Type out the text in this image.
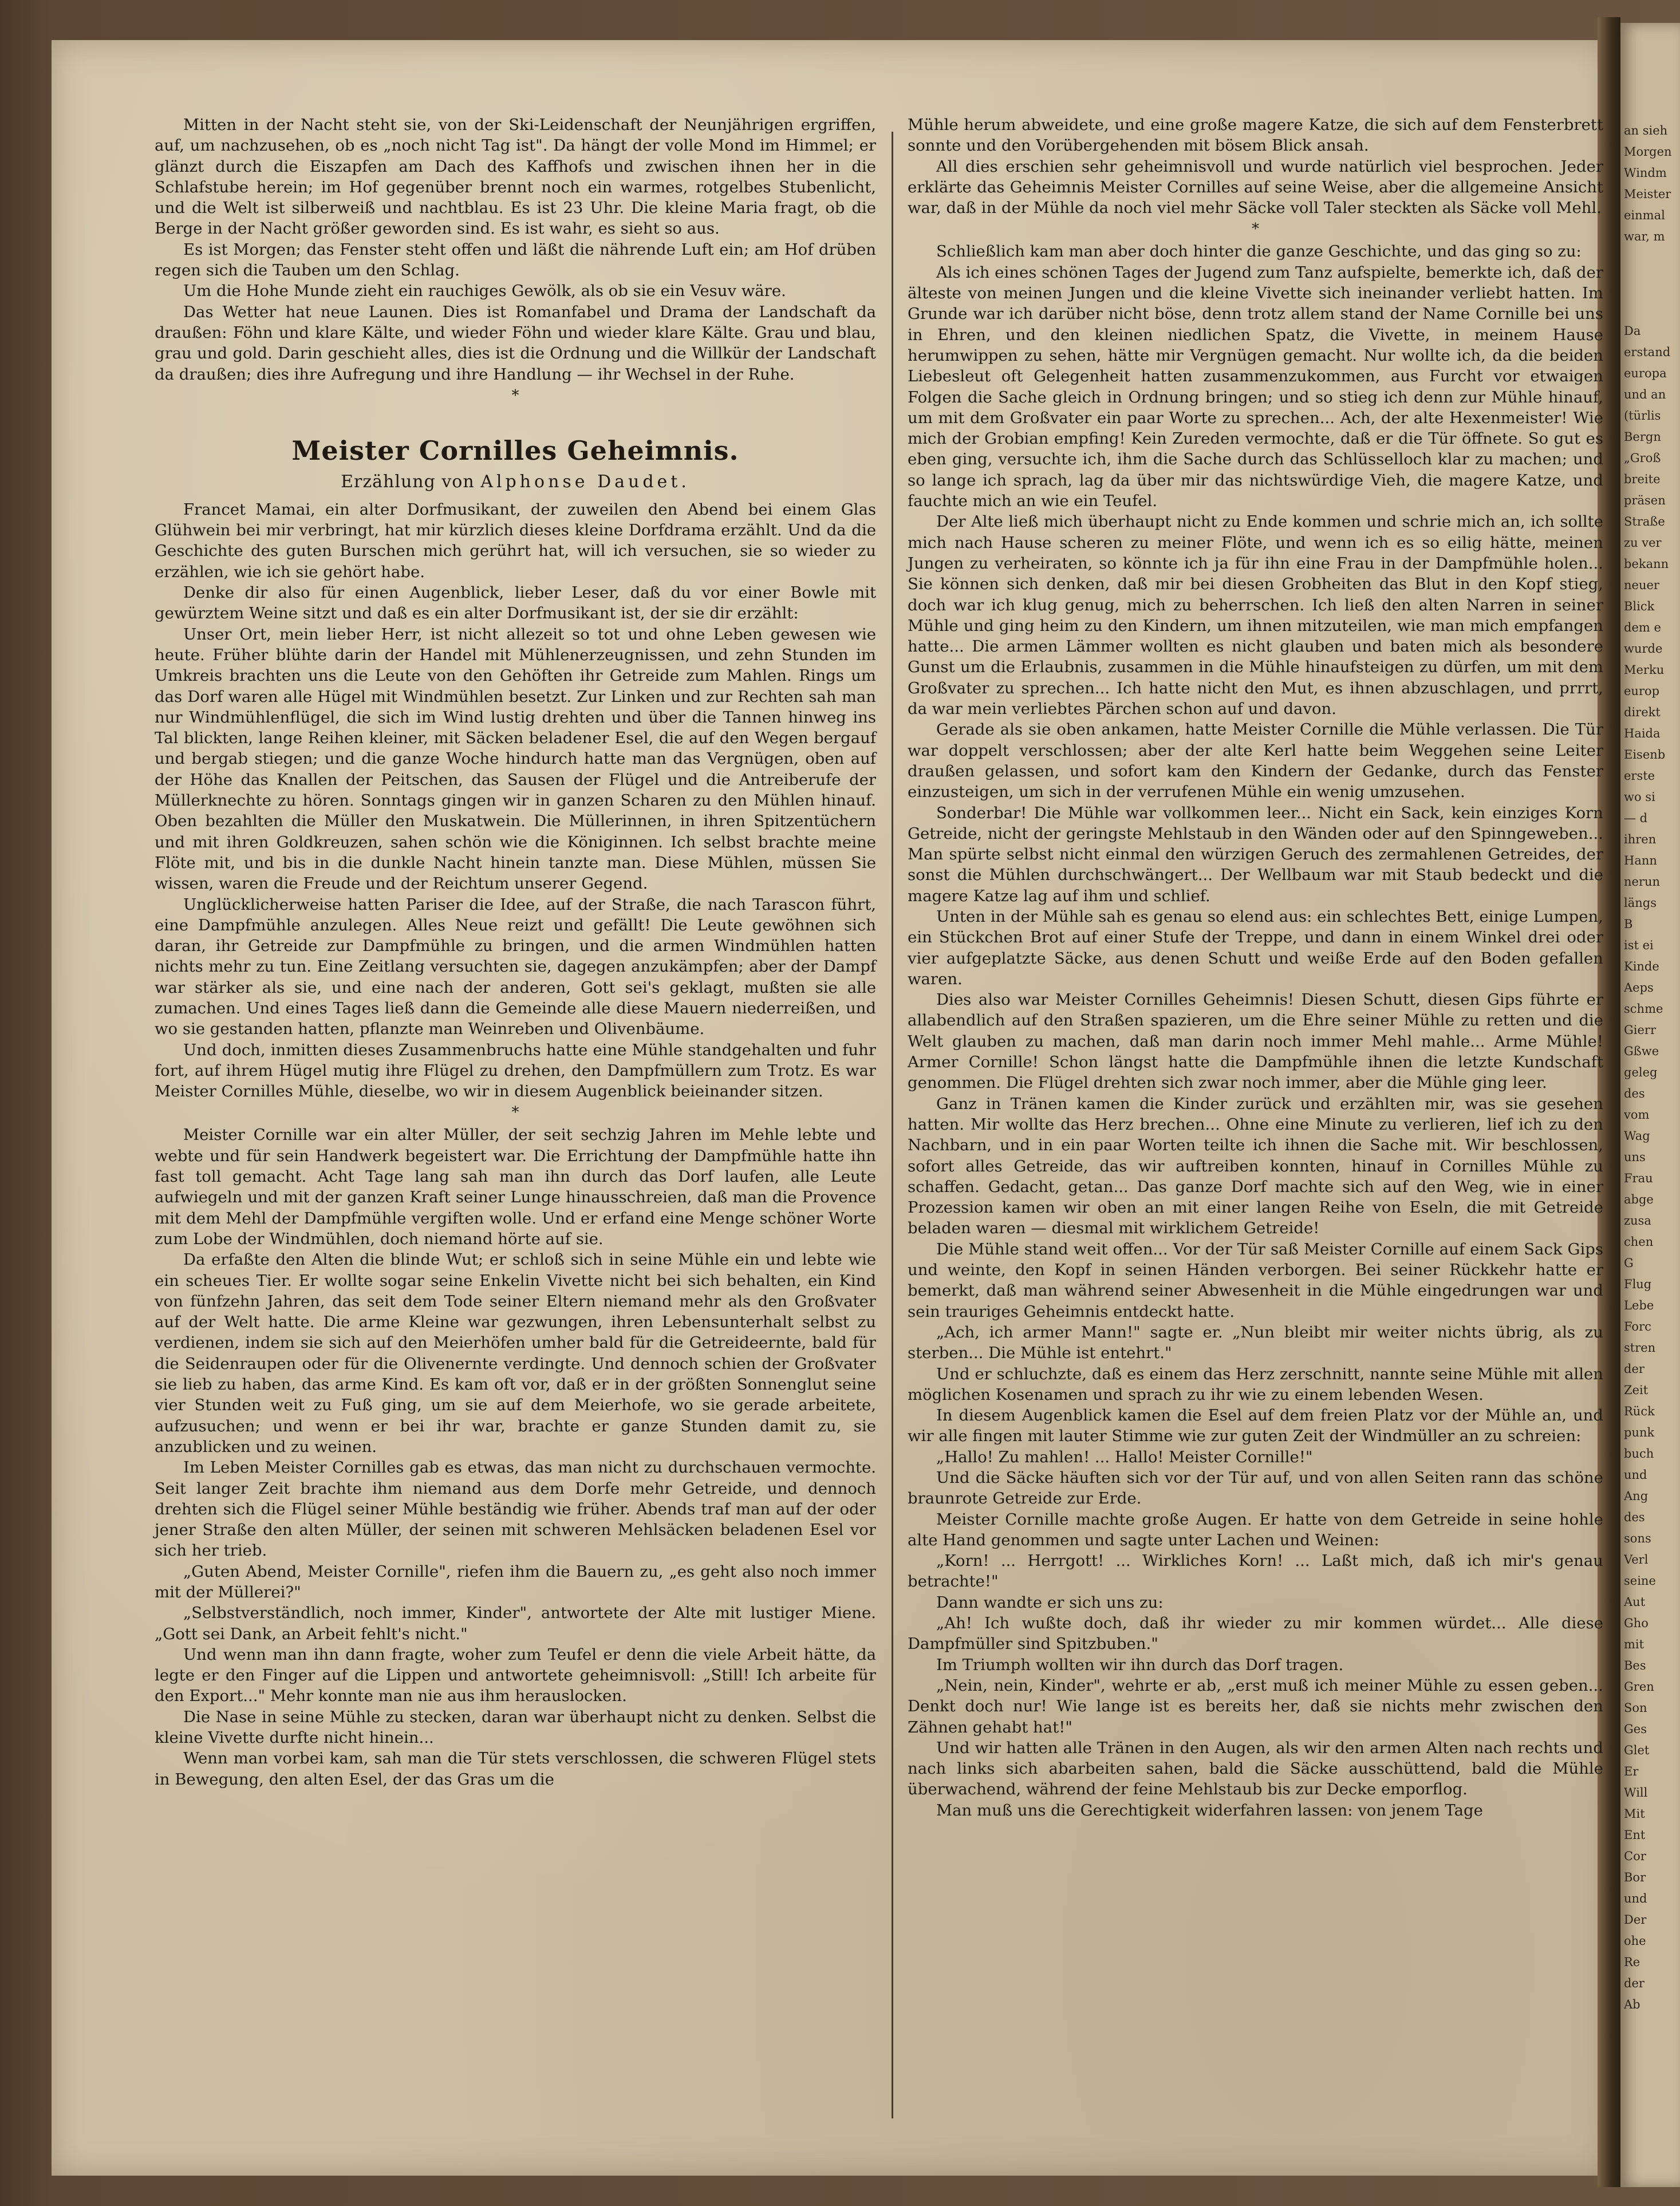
an sieh
Morgen
Windm
Meister
einmal
war, m
Da
erstand
europa
und an
(türlis
Bergn
„Groß
breite
präsen
Straße
zu ver
bekann
neuer
Blick
dem e
wurde
Merku
europ
direkt
Haida
Eisenb
erste
wo si
— d
ihren
Hann
nerun
längs
B
ist ei
Kinde
Aeps
schme
Gierr
Gßwe
geleg
des
vom
Wag
uns
Frau
abge
zusa
chen
G
Flug
Lebe
Forc
stren
der
Zeit
Rück
punk
buch
und
Ang
des
sons
Verl
seine
Aut
Gho
mit
Bes
Gren
Son
Ges
Glet
Er
Will
Mit
Ent
Cor
Bor
und
Der
ohe
Re
der
Ab

Mitten in der Nacht steht sie, von der Ski-Leidenschaft der Neunjährigen ergriffen, auf, um nachzusehen, ob es „noch nicht Tag ist". Da hängt der volle Mond im Himmel; er glänzt durch die Eiszapfen am Dach des Kaffhofs und zwischen ihnen her in die Schlafstube herein; im Hof gegenüber brennt noch ein warmes, rotgelbes Stubenlicht, und die Welt ist silberweiß und nachtblau. Es ist 23 Uhr. Die kleine Maria fragt, ob die Berge in der Nacht größer geworden sind. Es ist wahr, es sieht so aus.

Es ist Morgen; das Fenster steht offen und läßt die nährende Luft ein; am Hof drüben regen sich die Tauben um den Schlag.

Um die Hohe Munde zieht ein rauchiges Gewölk, als ob sie ein Vesuv wäre.

Das Wetter hat neue Launen. Dies ist Romanfabel und Drama der Landschaft da draußen: Föhn und klare Kälte, und wieder Föhn und wieder klare Kälte. Grau und blau, grau und gold. Darin geschieht alles, dies ist die Ordnung und die Willkür der Landschaft da draußen; dies ihre Aufregung und ihre Handlung — ihr Wechsel in der Ruhe.

*
Meister Cornilles Geheimnis.
Erzählung von Alphonse Daudet.

Francet Mamai, ein alter Dorfmusikant, der zuweilen den Abend bei einem Glas Glühwein bei mir verbringt, hat mir kürzlich dieses kleine Dorfdrama erzählt. Und da die Geschichte des guten Burschen mich gerührt hat, will ich versuchen, sie so wieder zu erzählen, wie ich sie gehört habe.

Denke dir also für einen Augenblick, lieber Leser, daß du vor einer Bowle mit gewürztem Weine sitzt und daß es ein alter Dorfmusikant ist, der sie dir erzählt:

Unser Ort, mein lieber Herr, ist nicht allezeit so tot und ohne Leben gewesen wie heute. Früher blühte darin der Handel mit Mühlenerzeugnissen, und zehn Stunden im Umkreis brachten uns die Leute von den Gehöften ihr Getreide zum Mahlen. Rings um das Dorf waren alle Hügel mit Windmühlen besetzt. Zur Linken und zur Rechten sah man nur Windmühlenflügel, die sich im Wind lustig drehten und über die Tannen hinweg ins Tal blickten, lange Reihen kleiner, mit Säcken beladener Esel, die auf den Wegen bergauf und bergab stiegen; und die ganze Woche hindurch hatte man das Vergnügen, oben auf der Höhe das Knallen der Peitschen, das Sausen der Flügel und die Antreiberufe der Müllerknechte zu hören. Sonntags gingen wir in ganzen Scharen zu den Mühlen hinauf. Oben bezahlten die Müller den Muskatwein. Die Müllerinnen, in ihren Spitzentüchern und mit ihren Goldkreuzen, sahen schön wie die Königinnen. Ich selbst brachte meine Flöte mit, und bis in die dunkle Nacht hinein tanzte man. Diese Mühlen, müssen Sie wissen, waren die Freude und der Reichtum unserer Gegend.

Unglücklicherweise hatten Pariser die Idee, auf der Straße, die nach Tarascon führt, eine Dampfmühle anzulegen. Alles Neue reizt und gefällt! Die Leute gewöhnen sich daran, ihr Getreide zur Dampfmühle zu bringen, und die armen Windmühlen hatten nichts mehr zu tun. Eine Zeitlang versuchten sie, dagegen anzukämpfen; aber der Dampf war stärker als sie, und eine nach der anderen, Gott sei's geklagt, mußten sie alle zumachen. Und eines Tages ließ dann die Gemeinde alle diese Mauern niederreißen, und wo sie gestanden hatten, pflanzte man Weinreben und Olivenbäume.

Und doch, inmitten dieses Zusammenbruchs hatte eine Mühle standgehalten und fuhr fort, auf ihrem Hügel mutig ihre Flügel zu drehen, den Dampfmüllern zum Trotz. Es war Meister Cornilles Mühle, dieselbe, wo wir in diesem Augenblick beieinander sitzen.

*

Meister Cornille war ein alter Müller, der seit sechzig Jahren im Mehle lebte und webte und für sein Handwerk begeistert war. Die Errichtung der Dampfmühle hatte ihn fast toll gemacht. Acht Tage lang sah man ihn durch das Dorf laufen, alle Leute aufwiegeln und mit der ganzen Kraft seiner Lunge hinausschreien, daß man die Provence mit dem Mehl der Dampfmühle vergiften wolle. Und er erfand eine Menge schöner Worte zum Lobe der Windmühlen, doch niemand hörte auf sie.

Da erfaßte den Alten die blinde Wut; er schloß sich in seine Mühle ein und lebte wie ein scheues Tier. Er wollte sogar seine Enkelin Vivette nicht bei sich behalten, ein Kind von fünfzehn Jahren, das seit dem Tode seiner Eltern niemand mehr als den Großvater auf der Welt hatte. Die arme Kleine war gezwungen, ihren Lebensunterhalt selbst zu verdienen, indem sie sich auf den Meierhöfen umher bald für die Getreideernte, bald für die Seidenraupen oder für die Olivenernte verdingte. Und dennoch schien der Großvater sie lieb zu haben, das arme Kind. Es kam oft vor, daß er in der größten Sonnenglut seine vier Stunden weit zu Fuß ging, um sie auf dem Meierhofe, wo sie gerade arbeitete, aufzusuchen; und wenn er bei ihr war, brachte er ganze Stunden damit zu, sie anzublicken und zu weinen.

Im Leben Meister Cornilles gab es etwas, das man nicht zu durchschauen vermochte. Seit langer Zeit brachte ihm niemand aus dem Dorfe mehr Getreide, und dennoch drehten sich die Flügel seiner Mühle beständig wie früher. Abends traf man auf der oder jener Straße den alten Müller, der seinen mit schweren Mehlsäcken beladenen Esel vor sich her trieb.

„Guten Abend, Meister Cornille", riefen ihm die Bauern zu, „es geht also noch immer mit der Müllerei?"

„Selbstverständlich, noch immer, Kinder", antwortete der Alte mit lustiger Miene. „Gott sei Dank, an Arbeit fehlt's nicht."

Und wenn man ihn dann fragte, woher zum Teufel er denn die viele Arbeit hätte, da legte er den Finger auf die Lippen und antwortete geheimnisvoll: „Still! Ich arbeite für den Export..." Mehr konnte man nie aus ihm herauslocken.

Die Nase in seine Mühle zu stecken, daran war überhaupt nicht zu denken. Selbst die kleine Vivette durfte nicht hinein...

Wenn man vorbei kam, sah man die Tür stets verschlossen, die schweren Flügel stets in Bewegung, den alten Esel, der das Gras um die

Mühle herum abweidete, und eine große magere Katze, die sich auf dem Fensterbrett sonnte und den Vorübergehenden mit bösem Blick ansah.

All dies erschien sehr geheimnisvoll und wurde natürlich viel besprochen. Jeder erklärte das Geheimnis Meister Cornilles auf seine Weise, aber die allgemeine Ansicht war, daß in der Mühle da noch viel mehr Säcke voll Taler steckten als Säcke voll Mehl.

*

Schließlich kam man aber doch hinter die ganze Geschichte, und das ging so zu:

Als ich eines schönen Tages der Jugend zum Tanz aufspielte, bemerkte ich, daß der älteste von meinen Jungen und die kleine Vivette sich ineinander verliebt hatten. Im Grunde war ich darüber nicht böse, denn trotz allem stand der Name Cornille bei uns in Ehren, und den kleinen niedlichen Spatz, die Vivette, in meinem Hause herumwippen zu sehen, hätte mir Vergnügen gemacht. Nur wollte ich, da die beiden Liebesleut oft Gelegenheit hatten zusammenzukommen, aus Furcht vor etwaigen Folgen die Sache gleich in Ordnung bringen; und so stieg ich denn zur Mühle hinauf, um mit dem Großvater ein paar Worte zu sprechen... Ach, der alte Hexenmeister! Wie mich der Grobian empfing! Kein Zureden vermochte, daß er die Tür öffnete. So gut es eben ging, versuchte ich, ihm die Sache durch das Schlüsselloch klar zu machen; und so lange ich sprach, lag da über mir das nichtswürdige Vieh, die magere Katze, und fauchte mich an wie ein Teufel.

Der Alte ließ mich überhaupt nicht zu Ende kommen und schrie mich an, ich sollte mich nach Hause scheren zu meiner Flöte, und wenn ich es so eilig hätte, meinen Jungen zu verheiraten, so könnte ich ja für ihn eine Frau in der Dampfmühle holen... Sie können sich denken, daß mir bei diesen Grobheiten das Blut in den Kopf stieg, doch war ich klug genug, mich zu beherrschen. Ich ließ den alten Narren in seiner Mühle und ging heim zu den Kindern, um ihnen mitzuteilen, wie man mich empfangen hatte... Die armen Lämmer wollten es nicht glauben und baten mich als besondere Gunst um die Erlaubnis, zusammen in die Mühle hinaufsteigen zu dürfen, um mit dem Großvater zu sprechen... Ich hatte nicht den Mut, es ihnen abzuschlagen, und prrrt, da war mein verliebtes Pärchen schon auf und davon.

Gerade als sie oben ankamen, hatte Meister Cornille die Mühle verlassen. Die Tür war doppelt verschlossen; aber der alte Kerl hatte beim Weggehen seine Leiter draußen gelassen, und sofort kam den Kindern der Gedanke, durch das Fenster einzusteigen, um sich in der verrufenen Mühle ein wenig umzusehen.

Sonderbar! Die Mühle war vollkommen leer... Nicht ein Sack, kein einziges Korn Getreide, nicht der geringste Mehlstaub in den Wänden oder auf den Spinngeweben... Man spürte selbst nicht einmal den würzigen Geruch des zermahlenen Getreides, der sonst die Mühlen durchschwängert... Der Wellbaum war mit Staub bedeckt und die magere Katze lag auf ihm und schlief.

Unten in der Mühle sah es genau so elend aus: ein schlechtes Bett, einige Lumpen, ein Stückchen Brot auf einer Stufe der Treppe, und dann in einem Winkel drei oder vier aufgeplatzte Säcke, aus denen Schutt und weiße Erde auf den Boden gefallen waren.

Dies also war Meister Cornilles Geheimnis! Diesen Schutt, diesen Gips führte er allabendlich auf den Straßen spazieren, um die Ehre seiner Mühle zu retten und die Welt glauben zu machen, daß man darin noch immer Mehl mahle... Arme Mühle! Armer Cornille! Schon längst hatte die Dampfmühle ihnen die letzte Kundschaft genommen. Die Flügel drehten sich zwar noch immer, aber die Mühle ging leer.

Ganz in Tränen kamen die Kinder zurück und erzählten mir, was sie gesehen hatten. Mir wollte das Herz brechen... Ohne eine Minute zu verlieren, lief ich zu den Nachbarn, und in ein paar Worten teilte ich ihnen die Sache mit. Wir beschlossen, sofort alles Getreide, das wir auftreiben konnten, hinauf in Cornilles Mühle zu schaffen. Gedacht, getan... Das ganze Dorf machte sich auf den Weg, wie in einer Prozession kamen wir oben an mit einer langen Reihe von Eseln, die mit Getreide beladen waren — diesmal mit wirklichem Getreide!

Die Mühle stand weit offen... Vor der Tür saß Meister Cornille auf einem Sack Gips und weinte, den Kopf in seinen Händen verborgen. Bei seiner Rückkehr hatte er bemerkt, daß man während seiner Abwesenheit in die Mühle eingedrungen war und sein trauriges Geheimnis entdeckt hatte.

„Ach, ich armer Mann!" sagte er. „Nun bleibt mir weiter nichts übrig, als zu sterben... Die Mühle ist entehrt."

Und er schluchzte, daß es einem das Herz zerschnitt, nannte seine Mühle mit allen möglichen Kosenamen und sprach zu ihr wie zu einem lebenden Wesen.

In diesem Augenblick kamen die Esel auf dem freien Platz vor der Mühle an, und wir alle fingen mit lauter Stimme wie zur guten Zeit der Windmüller an zu schreien:

„Hallo! Zu mahlen! ... Hallo! Meister Cornille!"

Und die Säcke häuften sich vor der Tür auf, und von allen Seiten rann das schöne braunrote Getreide zur Erde.

Meister Cornille machte große Augen. Er hatte von dem Getreide in seine hohle alte Hand genommen und sagte unter Lachen und Weinen:

„Korn! ... Herrgott! ... Wirkliches Korn! ... Laßt mich, daß ich mir's genau betrachte!"

Dann wandte er sich uns zu:

„Ah! Ich wußte doch, daß ihr wieder zu mir kommen würdet... Alle diese Dampfmüller sind Spitzbuben."

Im Triumph wollten wir ihn durch das Dorf tragen.

„Nein, nein, Kinder", wehrte er ab, „erst muß ich meiner Mühle zu essen geben... Denkt doch nur! Wie lange ist es bereits her, daß sie nichts mehr zwischen den Zähnen gehabt hat!"

Und wir hatten alle Tränen in den Augen, als wir den armen Alten nach rechts und nach links sich abarbeiten sahen, bald die Säcke ausschüttend, bald die Mühle überwachend, während der feine Mehlstaub bis zur Decke emporflog.

Man muß uns die Gerechtigkeit widerfahren lassen: von jenem Tage
